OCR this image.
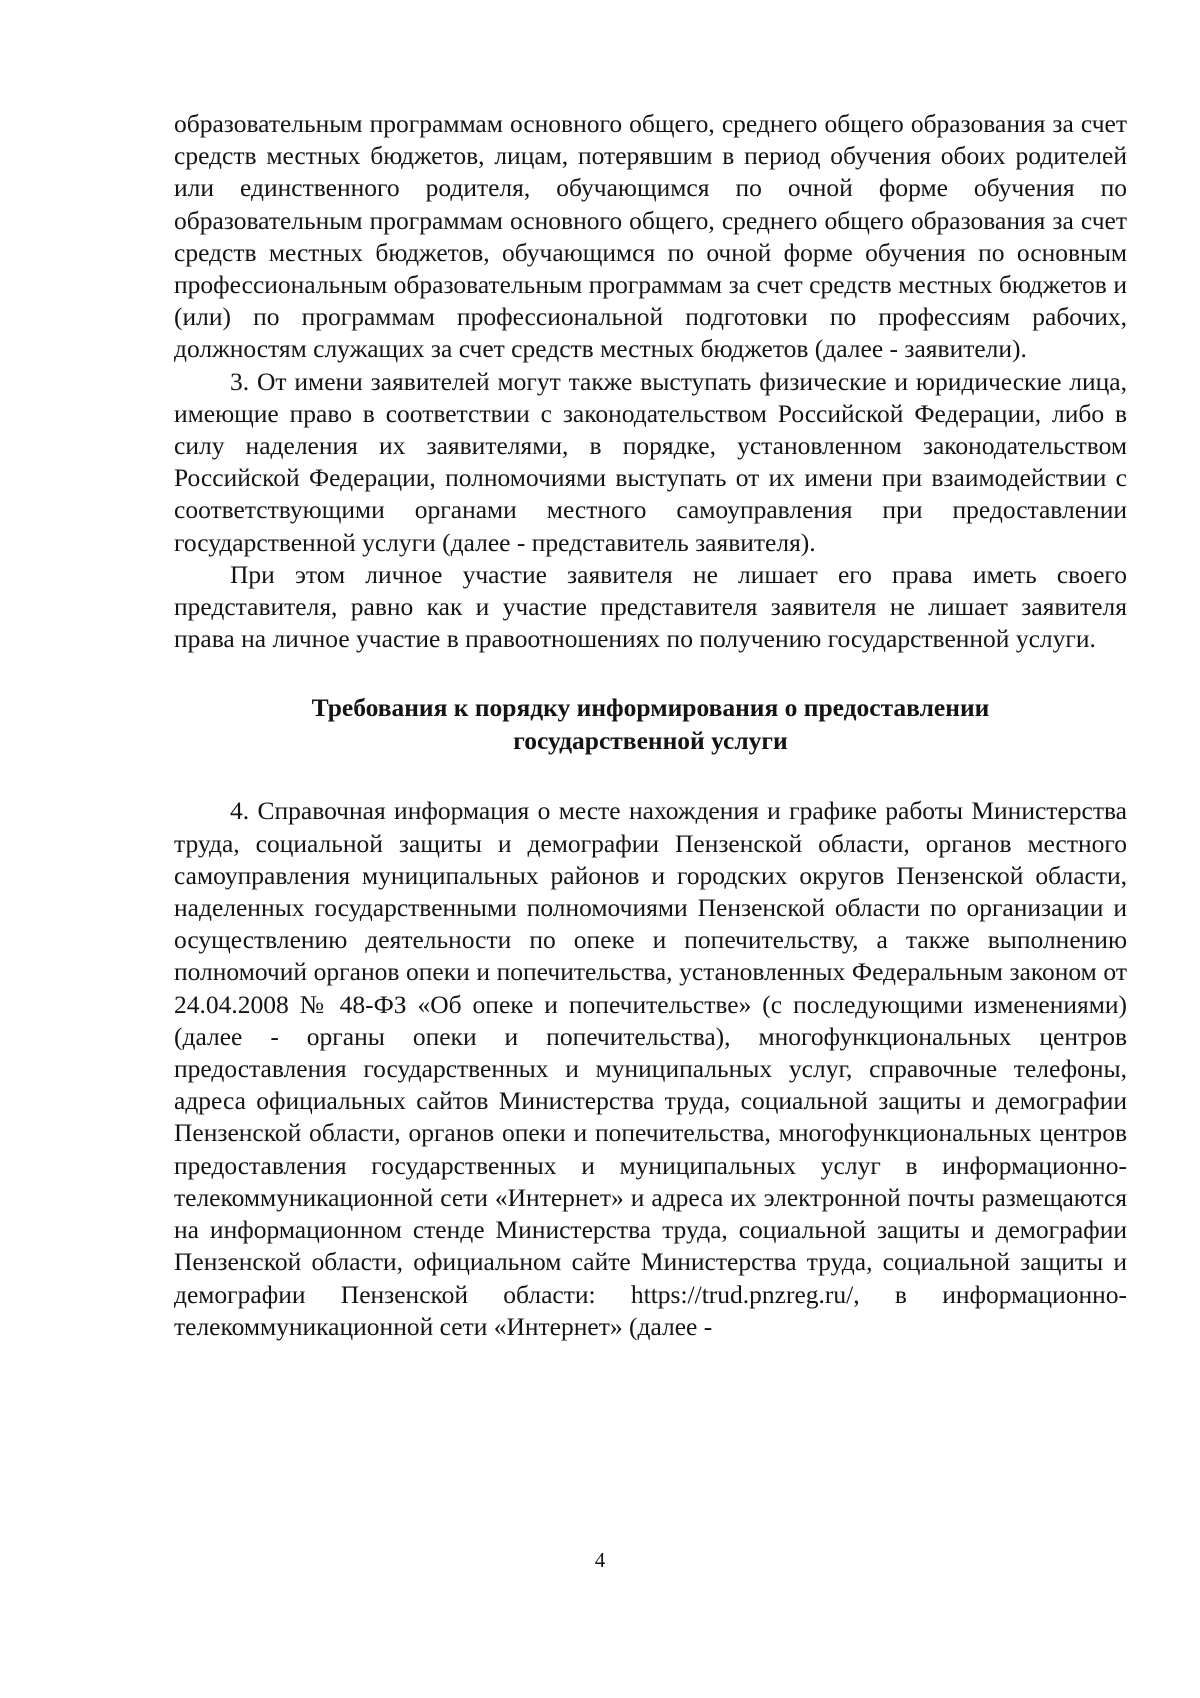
образовательным программам основного общего, среднего общего образования за счет средств местных бюджетов, лицам, потерявшим в период обучения обоих родителей или единственного родителя, обучающимся по очной форме обучения по образовательным программам основного общего, среднего общего образования за счет средств местных бюджетов, обучающимся по очной форме обучения по основным профессиональным образовательным программам за счет средств местных бюджетов и (или) по программам профессиональной подготовки по профессиям рабочих, должностям служащих за счет средств местных бюджетов (далее - заявители).

3. От имени заявителей могут также выступать физические и юридические лица, имеющие право в соответствии с законодательством Российской Федерации, либо в силу наделения их заявителями, в порядке, установленном законодательством Российской Федерации, полномочиями выступать от их имени при взаимодействии с соответствующими органами местного самоуправления при предоставлении государственной услуги (далее - представитель заявителя).

При этом личное участие заявителя не лишает его права иметь своего представителя, равно как и участие представителя заявителя не лишает заявителя права на личное участие в правоотношениях по получению государственной услуги.

Требования к порядку информирования о предоставлении
государственной услуги

4. Справочная информация о месте нахождения и графике работы Министерства труда, социальной защиты и демографии Пензенской области, органов местного самоуправления муниципальных районов и городских округов Пензенской области, наделенных государственными полномочиями Пензенской области по организации и осуществлению деятельности по опеке и попечительству, а также выполнению полномочий органов опеки и попечительства, установленных Федеральным законом от 24.04.2008 № 48-ФЗ «Об опеке и попечительстве» (с последующими изменениями) (далее - органы опеки и попечительства), многофункциональных центров предоставления государственных и муниципальных услуг, справочные телефоны, адреса официальных сайтов Министерства труда, социальной защиты и демографии Пензенской области, органов опеки и попечительства, многофункциональных центров предоставления государственных и муниципальных услуг в информационно-телекоммуникационной сети «Интернет» и адреса их электронной почты размещаются на информационном стенде Министерства труда, социальной защиты и демографии Пензенской области, официальном сайте Министерства труда, социальной защиты и демографии Пензенской области: https://trud.pnzreg.ru/, в информационно-телекоммуникационной сети «Интернет» (далее -

4
